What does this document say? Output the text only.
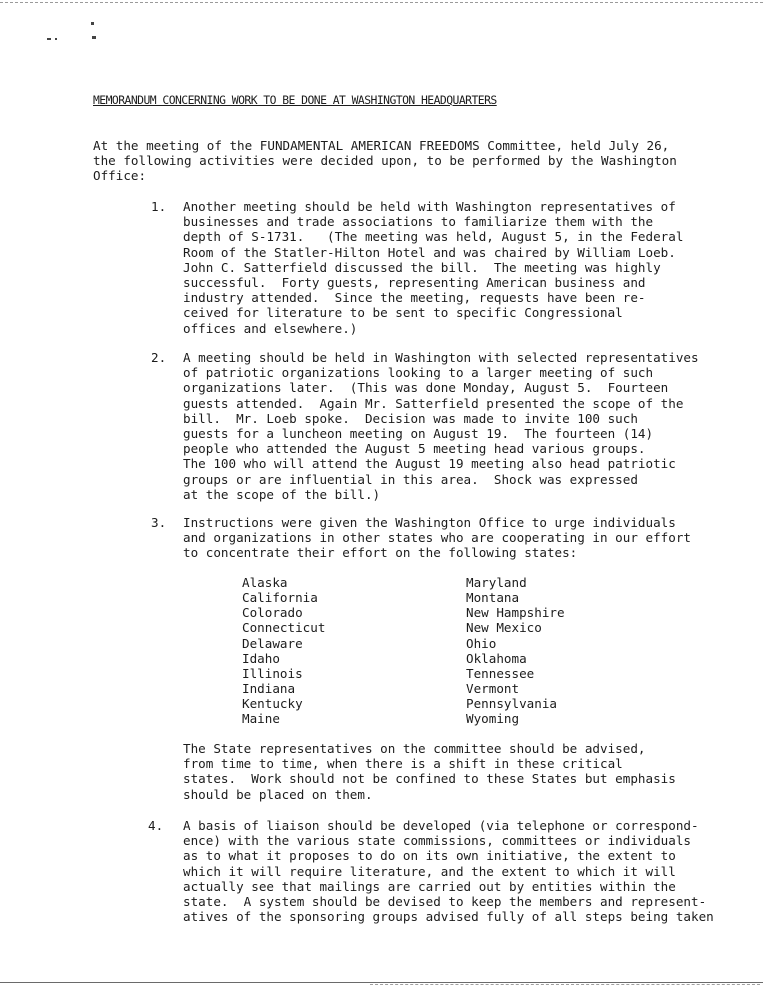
MEMORANDUM CONCERNING WORK TO BE DONE AT WASHINGTON HEADQUARTERS
At the meeting of the FUNDAMENTAL AMERICAN FREEDOMS Committee, held July 26,
the following activities were decided upon, to be performed by the Washington
Office:
1. Another meeting should be held with Washington representatives of
businesses and trade associations to familiarize them with the
depth of S-1731.   (The meeting was held, August 5, in the Federal
Room of the Statler-Hilton Hotel and was chaired by William Loeb.
John C. Satterfield discussed the bill.  The meeting was highly
successful.  Forty guests, representing American business and
industry attended.  Since the meeting, requests have been re-
ceived for literature to be sent to specific Congressional
offices and elsewhere.)
2. A meeting should be held in Washington with selected representatives
of patriotic organizations looking to a larger meeting of such
organizations later.  (This was done Monday, August 5.  Fourteen
guests attended.  Again Mr. Satterfield presented the scope of the
bill.  Mr. Loeb spoke.  Decision was made to invite 100 such
guests for a luncheon meeting on August 19.  The fourteen (14)
people who attended the August 5 meeting head various groups.
The 100 who will attend the August 19 meeting also head patriotic
groups or are influential in this area.  Shock was expressed
at the scope of the bill.)
3. Instructions were given the Washington Office to urge individuals
and organizations in other states who are cooperating in our effort
to concentrate their effort on the following states:
Alaska
California
Colorado
Connecticut
Delaware
Idaho
Illinois
Indiana
Kentucky
Maine
Maryland
Montana
New Hampshire
New Mexico
Ohio
Oklahoma
Tennessee
Vermont
Pennsylvania
Wyoming
The State representatives on the committee should be advised,
from time to time, when there is a shift in these critical
states.  Work should not be confined to these States but emphasis
should be placed on them.
4. A basis of liaison should be developed (via telephone or correspond-
ence) with the various state commissions, committees or individuals
as to what it proposes to do on its own initiative, the extent to
which it will require literature, and the extent to which it will
actually see that mailings are carried out by entities within the
state.  A system should be devised to keep the members and represent-
atives of the sponsoring groups advised fully of all steps being taken
